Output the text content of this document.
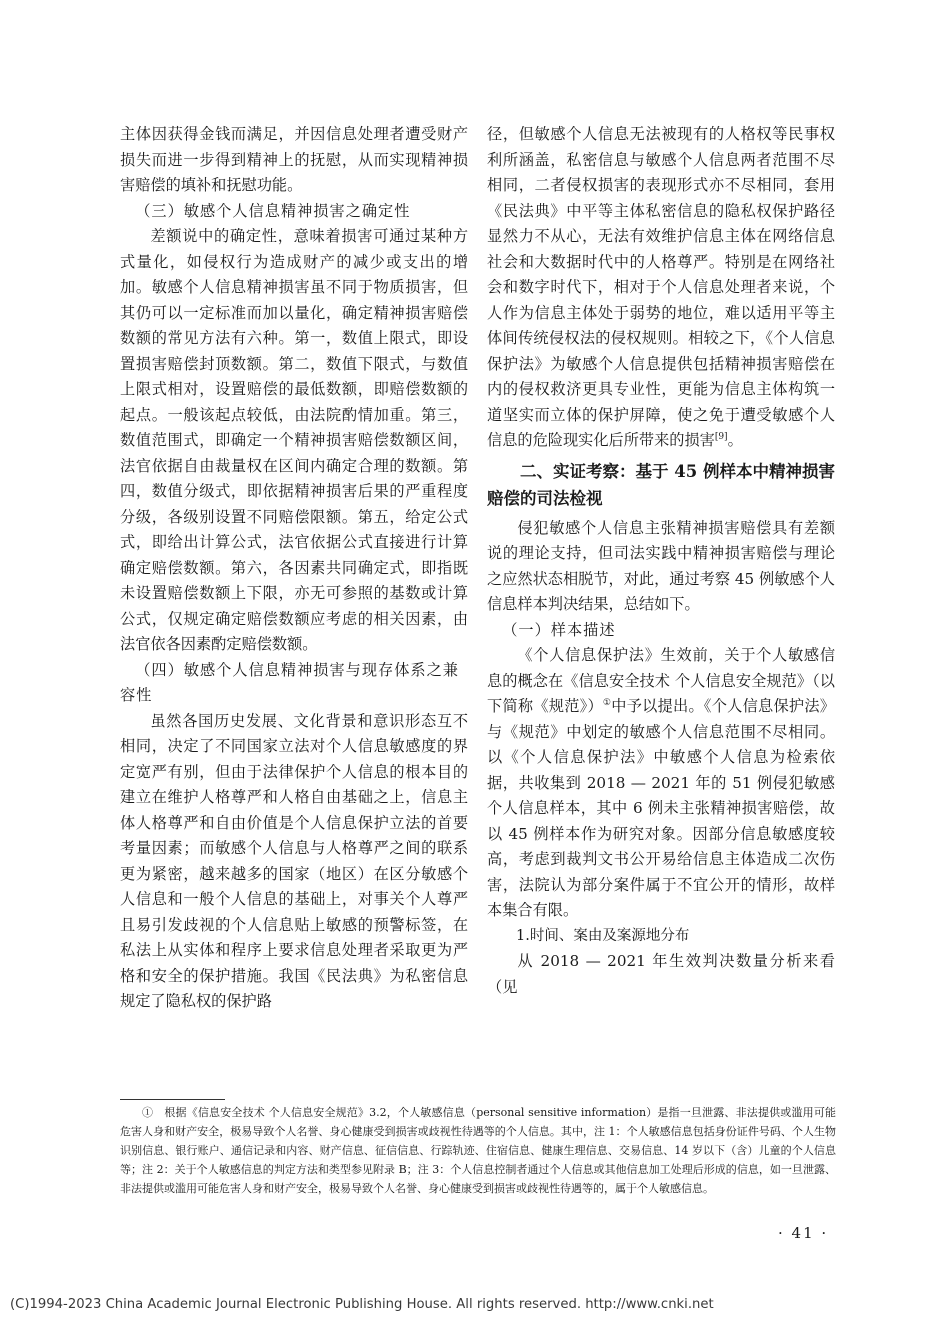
主体因获得金钱而满足，并因信息处理者遭受财产损失而进一步得到精神上的抚慰，从而实现精神损害赔偿的填补和抚慰功能。

（三）敏感个人信息精神损害之确定性

差额说中的确定性，意味着损害可通过某种方式量化，如侵权行为造成财产的减少或支出的增加。敏感个人信息精神损害虽不同于物质损害，但其仍可以一定标准而加以量化，确定精神损害赔偿数额的常见方法有六种。第一，数值上限式，即设置损害赔偿封顶数额。第二，数值下限式，与数值上限式相对，设置赔偿的最低数额，即赔偿数额的起点。一般该起点较低，由法院酌情加重。第三，数值范围式，即确定一个精神损害赔偿数额区间，法官依据自由裁量权在区间内确定合理的数额。第四，数值分级式，即依据精神损害后果的严重程度分级，各级别设置不同赔偿限额。第五，给定公式式，即给出计算公式，法官依据公式直接进行计算确定赔偿数额。第六，各因素共同确定式，即指既未设置赔偿数额上下限，亦无可参照的基数或计算公式，仅规定确定赔偿数额应考虑的相关因素，由法官依各因素酌定赔偿数额。

（四）敏感个人信息精神损害与现存体系之兼容性

虽然各国历史发展、文化背景和意识形态互不相同，决定了不同国家立法对个人信息敏感度的界定宽严有别，但由于法律保护个人信息的根本目的建立在维护人格尊严和人格自由基础之上，信息主体人格尊严和自由价值是个人信息保护立法的首要考量因素；而敏感个人信息与人格尊严之间的联系更为紧密，越来越多的国家（地区）在区分敏感个人信息和一般个人信息的基础上，对事关个人尊严且易引发歧视的个人信息贴上敏感的预警标签，在私法上从实体和程序上要求信息处理者采取更为严格和安全的保护措施。我国《民法典》为私密信息规定了隐私权的保护路

径，但敏感个人信息无法被现有的人格权等民事权利所涵盖，私密信息与敏感个人信息两者范围不尽相同，二者侵权损害的表现形式亦不尽相同，套用《民法典》中平等主体私密信息的隐私权保护路径显然力不从心，无法有效维护信息主体在网络信息社会和大数据时代中的人格尊严。特别是在网络社会和数字时代下，相对于个人信息处理者来说，个人作为信息主体处于弱势的地位，难以适用平等主体间传统侵权法的侵权规则。相较之下，《个人信息保护法》为敏感个人信息提供包括精神损害赔偿在内的侵权救济更具专业性，更能为信息主体构筑一道坚实而立体的保护屏障，使之免于遭受敏感个人信息的危险现实化后所带来的损害[9]。

二、实证考察：基于 45 例样本中精神损害赔偿的司法检视

侵犯敏感个人信息主张精神损害赔偿具有差额说的理论支持，但司法实践中精神损害赔偿与理论之应然状态相脱节，对此，通过考察 45 例敏感个人信息样本判决结果，总结如下。

（一）样本描述

《个人信息保护法》生效前，关于个人敏感信息的概念在《信息安全技术 个人信息安全规范》（以下简称《规范》）①中予以提出。《个人信息保护法》与《规范》中划定的敏感个人信息范围不尽相同。以《个人信息保护法》中敏感个人信息为检索依据，共收集到 2018 — 2021 年的 51 例侵犯敏感个人信息样本，其中 6 例未主张精神损害赔偿，故以 45 例样本作为研究对象。因部分信息敏感度较高，考虑到裁判文书公开易给信息主体造成二次伤害，法院认为部分案件属于不宜公开的情形，故样本集合有限。

1.时间、案由及案源地分布

从 2018 — 2021 年生效判决数量分析来看（见

①　根据《信息安全技术 个人信息安全规范》3.2，个人敏感信息（personal sensitive information）是指一旦泄露、非法提供或滥用可能危害人身和财产安全，极易导致个人名誉、身心健康受到损害或歧视性待遇等的个人信息。其中，注 1：个人敏感信息包括身份证件号码、个人生物识别信息、银行账户、通信记录和内容、财产信息、征信信息、行踪轨迹、住宿信息、健康生理信息、交易信息、14 岁以下（含）儿童的个人信息等；注 2：关于个人敏感信息的判定方法和类型参见附录 B；注 3：个人信息控制者通过个人信息或其他信息加工处理后形成的信息，如一旦泄露、非法提供或滥用可能危害人身和财产安全，极易导致个人名誉、身心健康受到损害或歧视性待遇等的，属于个人敏感信息。

· 41 ·
(C)1994-2023 China Academic Journal Electronic Publishing House. All rights reserved. http://www.cnki.net
